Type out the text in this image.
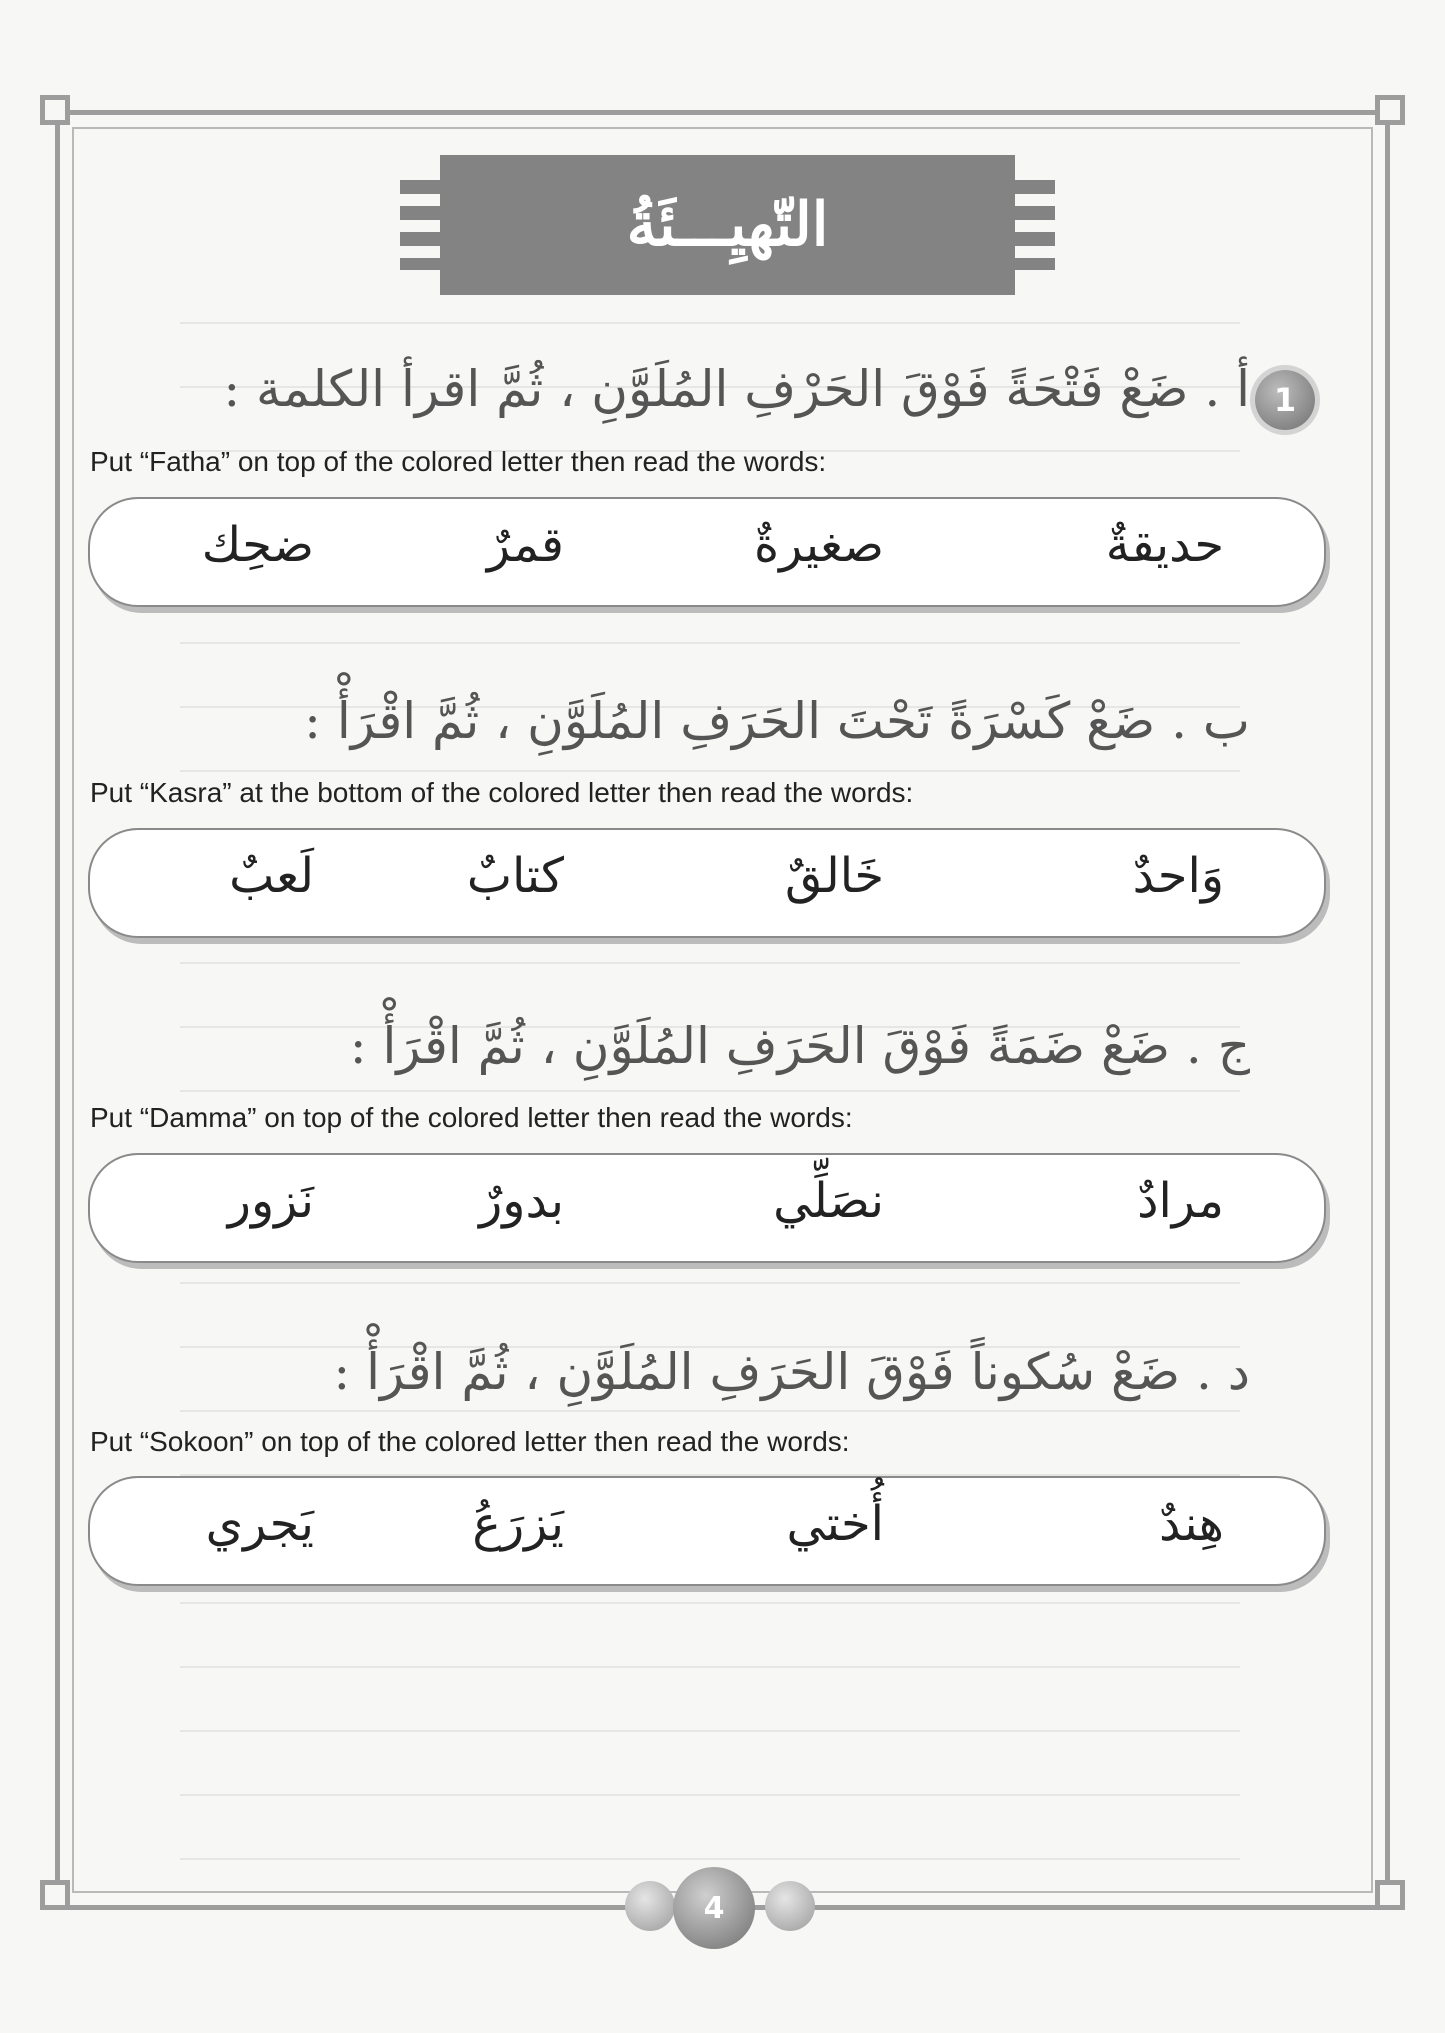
التّهيِـــئَةُ
1
أ . ضَعْ فَتْحَةً فَوْقَ الحَرْفِ المُلَوَّنِ ، ثُمَّ اقرأ الكلمة :
Put “Fatha” on top of the colored letter then read the words:
حديقةٌ
صغيرةٌ
قمرٌ
ضحِك
ب . ضَعْ كَسْرَةً تَحْتَ الحَرَفِ المُلَوَّنِ ، ثُمَّ اقْرَأْ :
Put “Kasra” at the bottom of the colored letter then read the words:
وَاحدٌ
خَالقٌ
كتابٌ
لَعبٌ
ج . ضَعْ ضَمَةً فَوْقَ الحَرَفِ المُلَوَّنِ ، ثُمَّ اقْرَأْ :
Put “Damma” on top of the colored letter then read the words:
مرادٌ
نصَلِّي
بدورٌ
نَزور
د . ضَعْ سُكوناً فَوْقَ الحَرَفِ المُلَوَّنِ ، ثُمَّ اقْرَأْ :
Put “Sokoon” on top of the colored letter then read the words:
هِندٌ
أُختي
يَزرَعُ
يَجري
4
